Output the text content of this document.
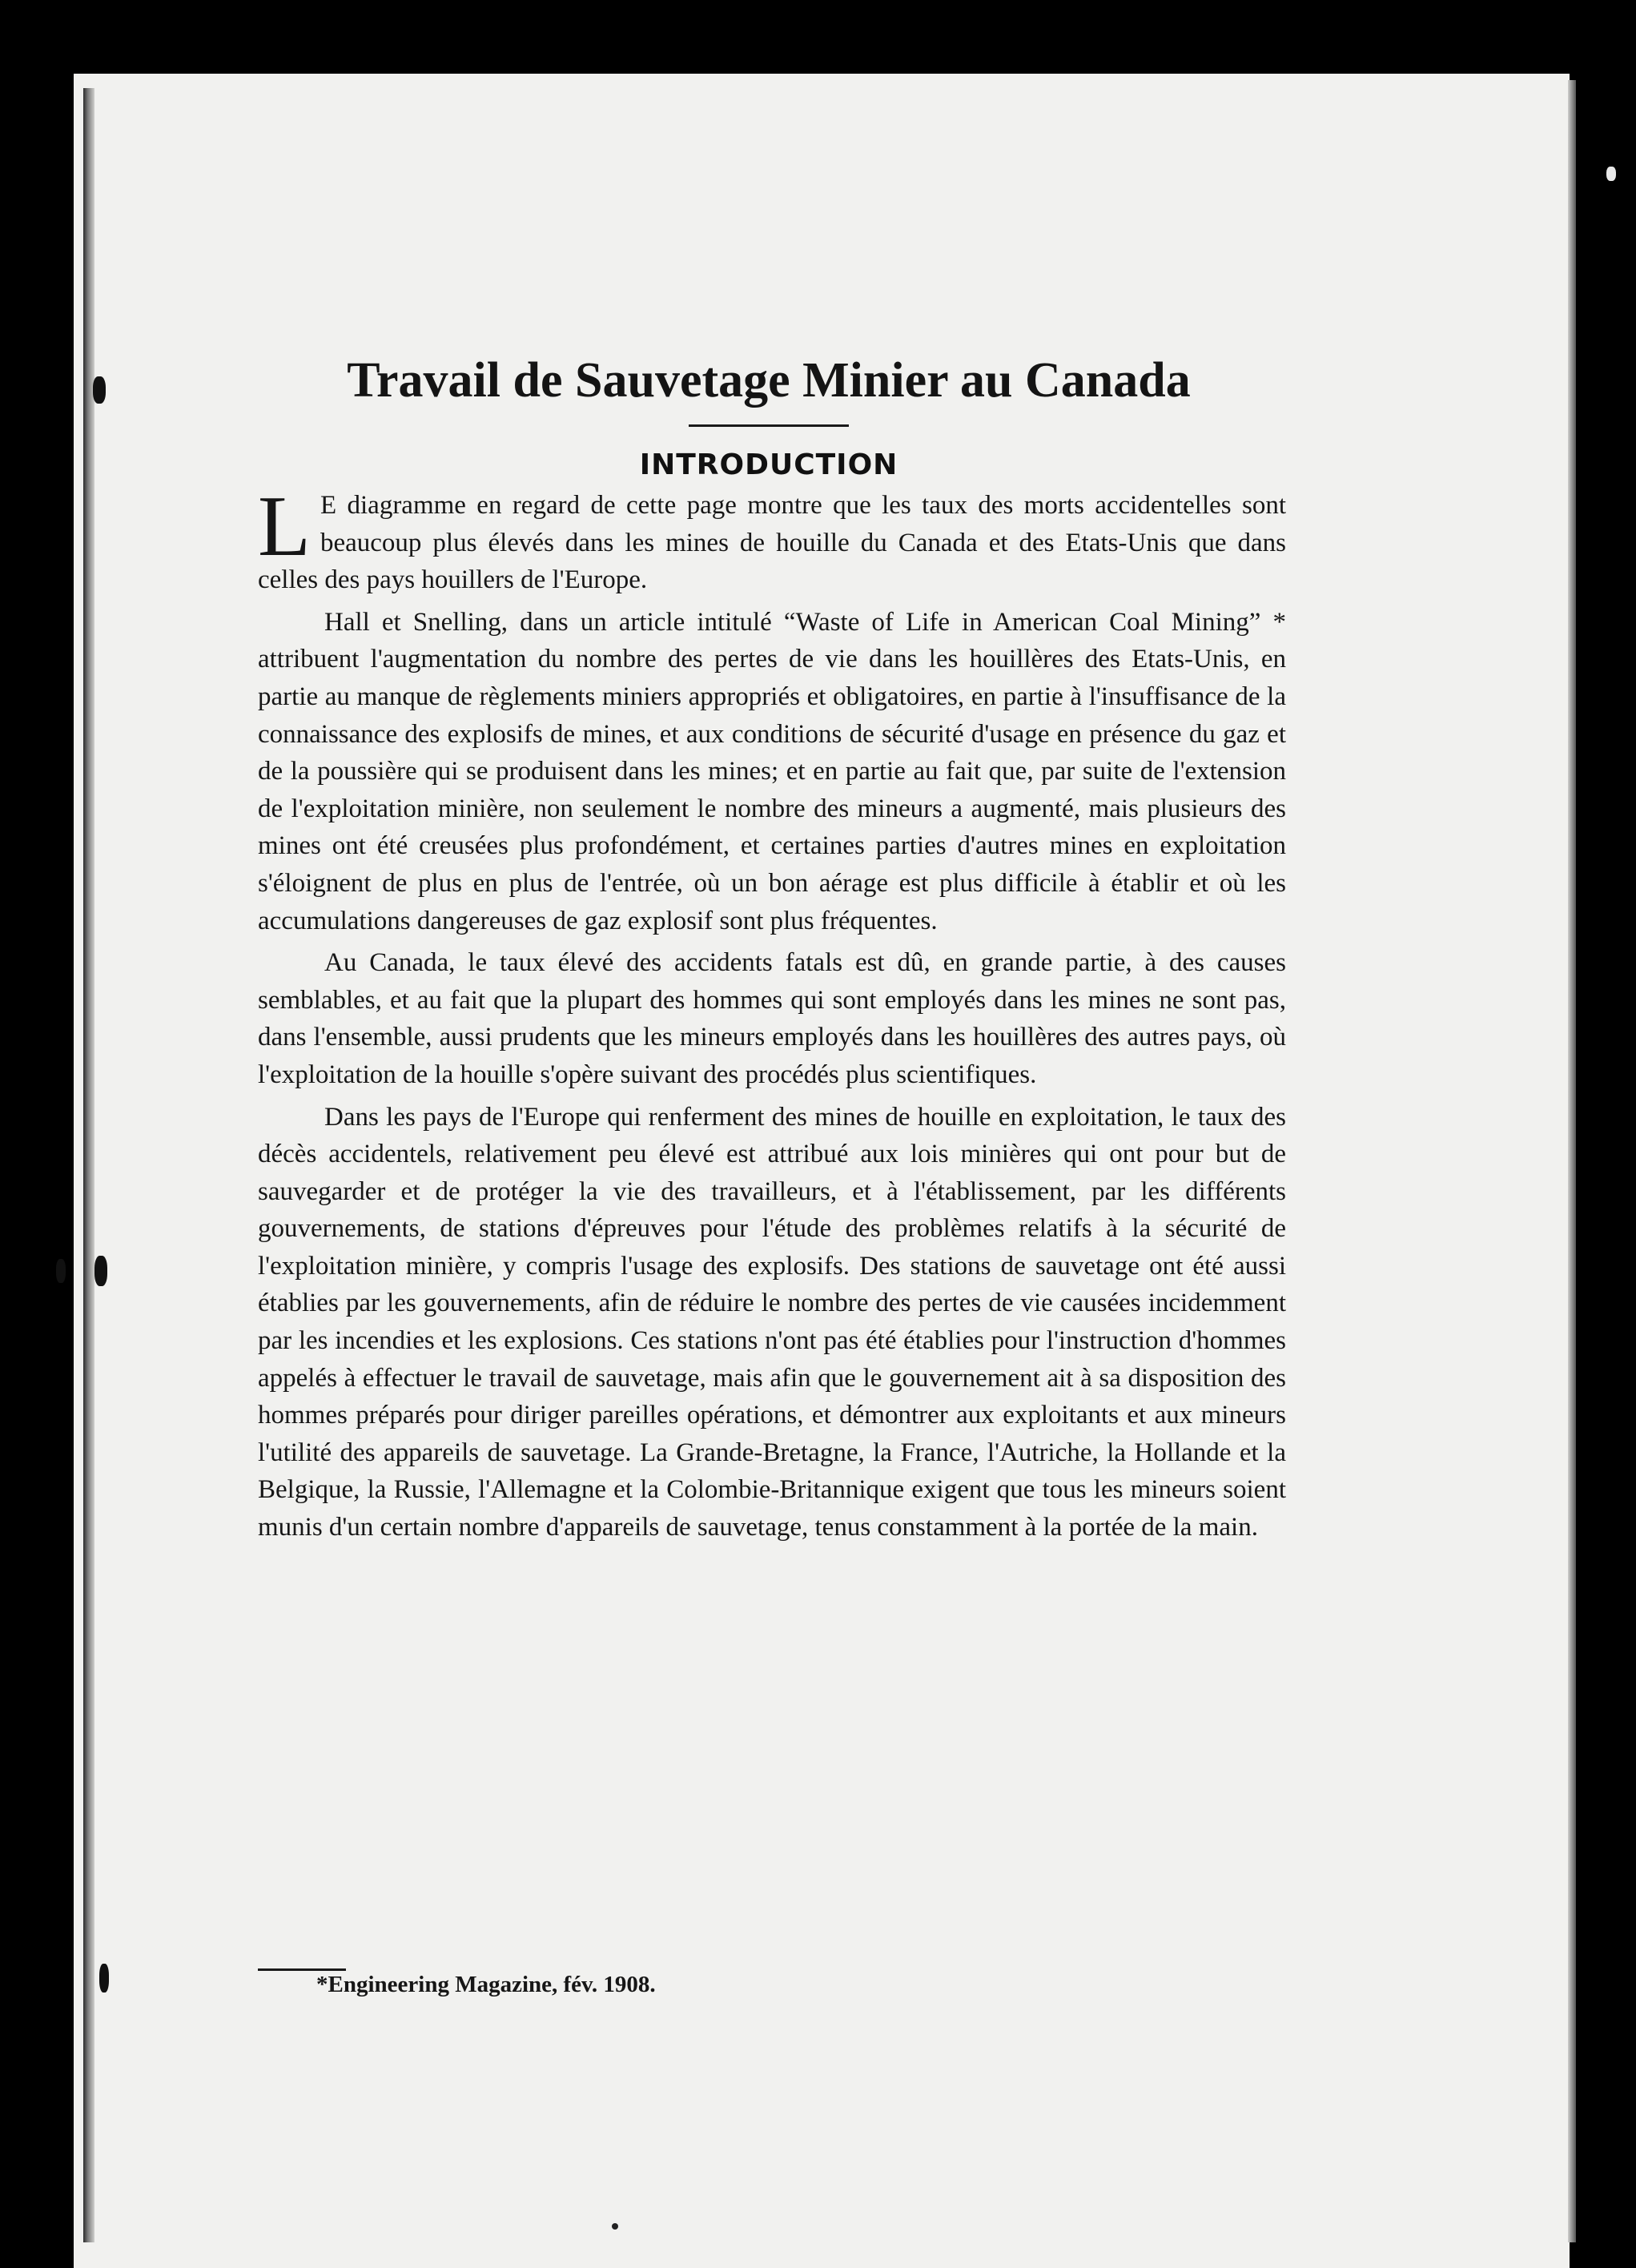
Travail de Sauvetage Minier au Canada
INTRODUCTION

L E diagramme en regard de cette page montre que les taux des morts accidentelles sont beaucoup plus élevés dans les mines de houille du Canada et des Etats-Unis que dans celles des pays houillers de l'Europe.

Hall et Snelling, dans un article intitulé “Waste of Life in American Coal Mining” * attribuent l'augmentation du nombre des pertes de vie dans les houillères des Etats-Unis, en partie au manque de règlements miniers appropriés et obligatoires, en partie à l'insuffisance de la connaissance des explosifs de mines, et aux conditions de sécurité d'usage en présence du gaz et de la poussière qui se produisent dans les mines; et en partie au fait que, par suite de l'extension de l'exploitation minière, non seulement le nombre des mineurs a augmenté, mais plusieurs des mines ont été creusées plus profondément, et certaines parties d'autres mines en exploitation s'éloignent de plus en plus de l'entrée, où un bon aérage est plus difficile à établir et où les accumulations dangereuses de gaz explosif sont plus fréquentes.

Au Canada, le taux élevé des accidents fatals est dû, en grande partie, à des causes semblables, et au fait que la plupart des hommes qui sont employés dans les mines ne sont pas, dans l'ensemble, aussi prudents que les mineurs employés dans les houillères des autres pays, où l'exploitation de la houille s'opère suivant des procédés plus scientifiques.

Dans les pays de l'Europe qui renferment des mines de houille en exploitation, le taux des décès accidentels, relativement peu élevé est attribué aux lois minières qui ont pour but de sauvegarder et de protéger la vie des travailleurs, et à l'établissement, par les différents gouvernements, de stations d'épreuves pour l'étude des problèmes relatifs à la sécurité de l'exploitation minière, y compris l'usage des explosifs. Des stations de sauvetage ont été aussi établies par les gouvernements, afin de réduire le nombre des pertes de vie causées incidemment par les incendies et les explosions. Ces stations n'ont pas été établies pour l'instruction d'hommes appelés à effectuer le travail de sauvetage, mais afin que le gouvernement ait à sa disposition des hommes préparés pour diriger pareilles opérations, et démontrer aux exploitants et aux mineurs l'utilité des appareils de sauvetage. La Grande-Bretagne, la France, l'Autriche, la Hollande et la Belgique, la Russie, l'Allemagne et la Colombie-Britannique exigent que tous les mineurs soient munis d'un certain nombre d'appareils de sauvetage, tenus constamment à la portée de la main.

*Engineering Magazine, fév. 1908.
